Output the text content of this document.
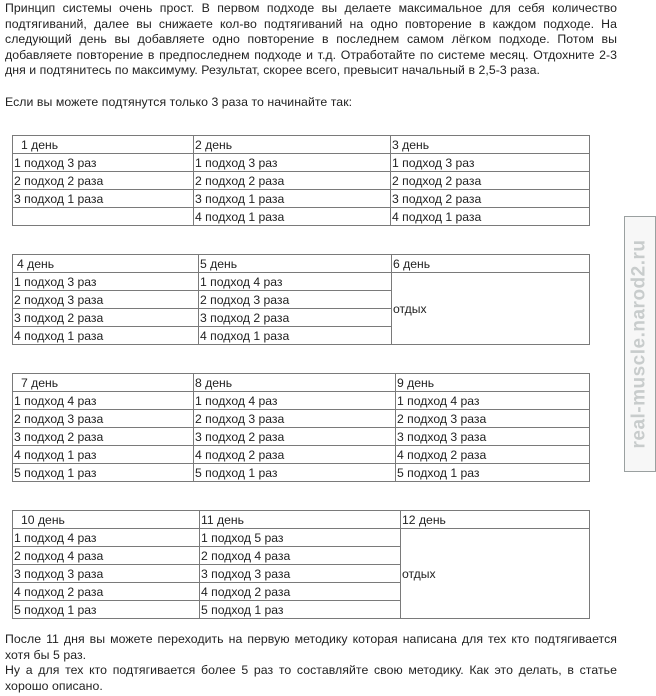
Принцип системы очень прост. В первом подходе вы делаете максимальное для себя количество подтягиваний, далее вы снижаете кол-во подтягиваний на одно повторение в каждом подходе. На следующий день вы добавляете одно повторение в последнем самом лёгком подходе. Потом вы добавляете повторение в предпоследнем подходе и т.д. Отработайте по системе месяц. Отдохните 2-3 дня и подтянитесь по максимуму. Результат, скорее всего, превысит начальный в 2,5-3 раза.

Если вы можете подтянутся только 3 раза то начинайте так:

1 день	2 день	3 день
1 подход 3 раз	1 подход 3 раз	1 подход 3 раз
2 подход 2 раза	2 подход 2 раза	2 подход 2 раза
3 подход 1 раза	3 подход 1 раза	3 подход 2 раза
	4 подход 1 раза	4 подход 1 раза
4 день	5 день	6 день
1 подход 3 раз	1 подход 4 раз	отдых
2 подход 3 раза	2 подход 3 раза	
3 подход 2 раза	3 подход 2 раза	
4 подход 1 раза	4 подход 1 раза	
7 день	8 день	9 день
1 подход 4 раз	1 подход 4 раз	1 подход 4 раз
2 подход 3 раза	2 подход 3 раза	2 подход 3 раза
3 подход 2 раза	3 подход 2 раза	3 подход 3 раза
4 подход 1 раз	4 подход 2 раза	4 подход 2 раза
5 подход 1 раз	5 подход 1 раз	5 подход 1 раз
10 день	11 день	12 день
1 подход 4 раз	1 подход 5 раз	отдых
2 подход 4 раза	2 подход 4 раза	
3 подход 3 раза	3 подход 3 раза	
4 подход 2 раза	4 подход 2 раза	
5 подход 1 раз	5 подход 1 раз	
После 11 дня вы можете переходить на первую методику которая написана для тех кто подтягивается хотя бы 5 раз.
Ну а для тех кто подтягивается более 5 раз то составляйте свою методику. Как это делать, в статье хорошо описано.
real-muscle.narod2.ru
